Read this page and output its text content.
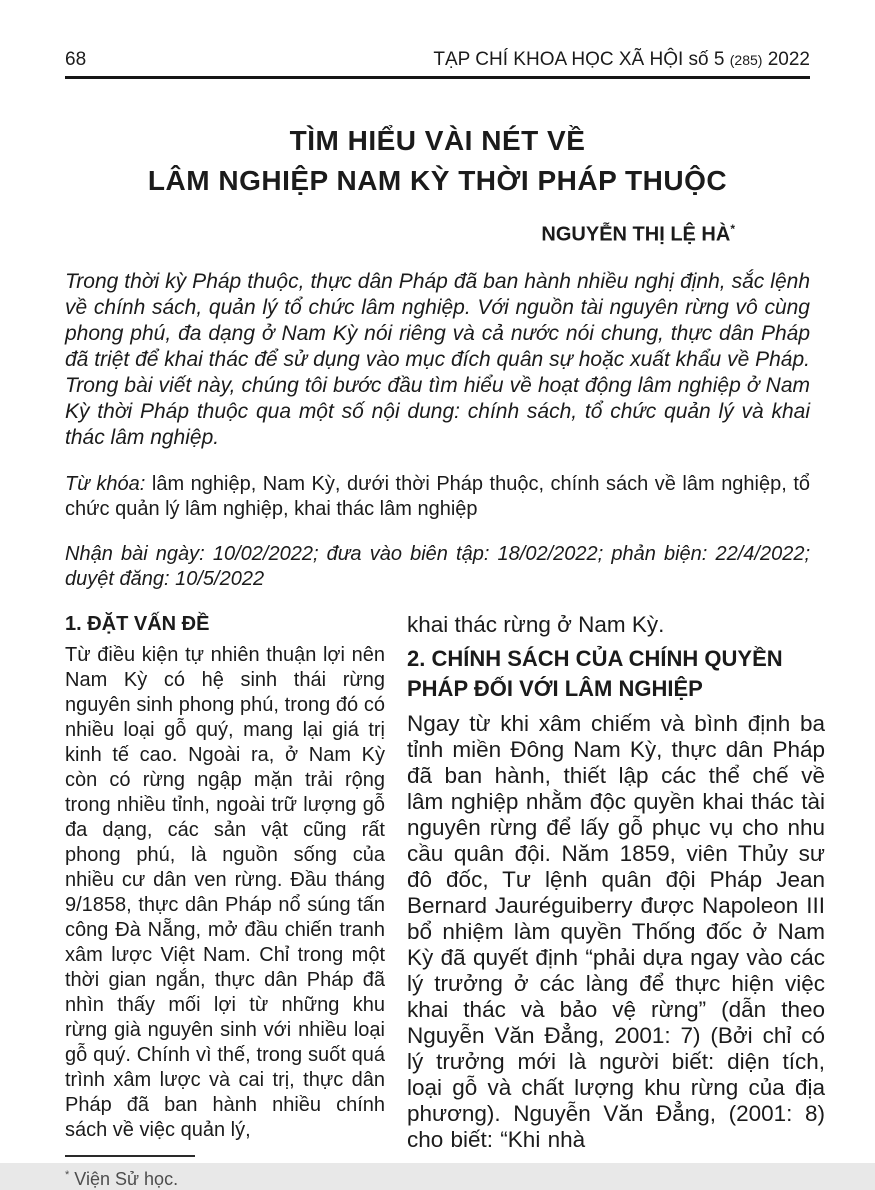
68	TẠP CHÍ KHOA HỌC XÃ HỘI số 5 (285) 2022
TÌM HIỂU VÀI NÉT VỀ
LÂM NGHIỆP NAM KỲ THỜI PHÁP THUỘC
NGUYỄN THỊ LỆ HÀ*

Trong thời kỳ Pháp thuộc, thực dân Pháp đã ban hành nhiều nghị định, sắc lệnh về chính sách, quản lý tổ chức lâm nghiệp. Với nguồn tài nguyên rừng vô cùng phong phú, đa dạng ở Nam Kỳ nói riêng và cả nước nói chung, thực dân Pháp đã triệt để khai thác để sử dụng vào mục đích quân sự hoặc xuất khẩu về Pháp. Trong bài viết này, chúng tôi bước đầu tìm hiểu về hoạt động lâm nghiệp ở Nam Kỳ thời Pháp thuộc qua một số nội dung: chính sách, tổ chức quản lý và khai thác lâm nghiệp.

Từ khóa: lâm nghiệp, Nam Kỳ, dưới thời Pháp thuộc, chính sách về lâm nghiệp, tổ chức quản lý lâm nghiệp, khai thác lâm nghiệp

Nhận bài ngày: 10/02/2022; đưa vào biên tập: 18/02/2022; phản biện: 22/4/2022; duyệt đăng: 10/5/2022

1. ĐẶT VẤN ĐỀ

Từ điều kiện tự nhiên thuận lợi nên Nam Kỳ có hệ sinh thái rừng nguyên sinh phong phú, trong đó có nhiều loại gỗ quý, mang lại giá trị kinh tế cao. Ngoài ra, ở Nam Kỳ còn có rừng ngập mặn trải rộng trong nhiều tỉnh, ngoài trữ lượng gỗ đa dạng, các sản vật cũng rất phong phú, là nguồn sống của nhiều cư dân ven rừng. Đầu tháng 9/1858, thực dân Pháp nổ súng tấn công Đà Nẵng, mở đầu chiến tranh xâm lược Việt Nam. Chỉ trong một thời gian ngắn, thực dân Pháp đã nhìn thấy mối lợi từ những khu rừng già nguyên sinh với nhiều loại gỗ quý. Chính vì thế, trong suốt quá trình xâm lược và cai trị, thực dân Pháp đã ban hành nhiều chính sách về việc quản lý,

* Viện Sử học.

khai thác rừng ở Nam Kỳ.

2. CHÍNH SÁCH CỦA CHÍNH QUYỀN
PHÁP ĐỐI VỚI LÂM NGHIỆP

Ngay từ khi xâm chiếm và bình định ba tỉnh miền Đông Nam Kỳ, thực dân Pháp đã ban hành, thiết lập các thể chế về lâm nghiệp nhằm độc quyền khai thác tài nguyên rừng để lấy gỗ phục vụ cho nhu cầu quân đội. Năm 1859, viên Thủy sư đô đốc, Tư lệnh quân đội Pháp Jean Bernard Jauréguiberry được Napoleon III bổ nhiệm làm quyền Thống đốc ở Nam Kỳ đã quyết định “phải dựa ngay vào các lý trưởng ở các làng để thực hiện việc khai thác và bảo vệ rừng” (dẫn theo Nguyễn Văn Đẳng, 2001: 7) (Bởi chỉ có lý trưởng mới là người biết: diện tích, loại gỗ và chất lượng khu rừng của địa phương). Nguyễn Văn Đẳng, (2001: 8) cho biết: “Khi nhà
